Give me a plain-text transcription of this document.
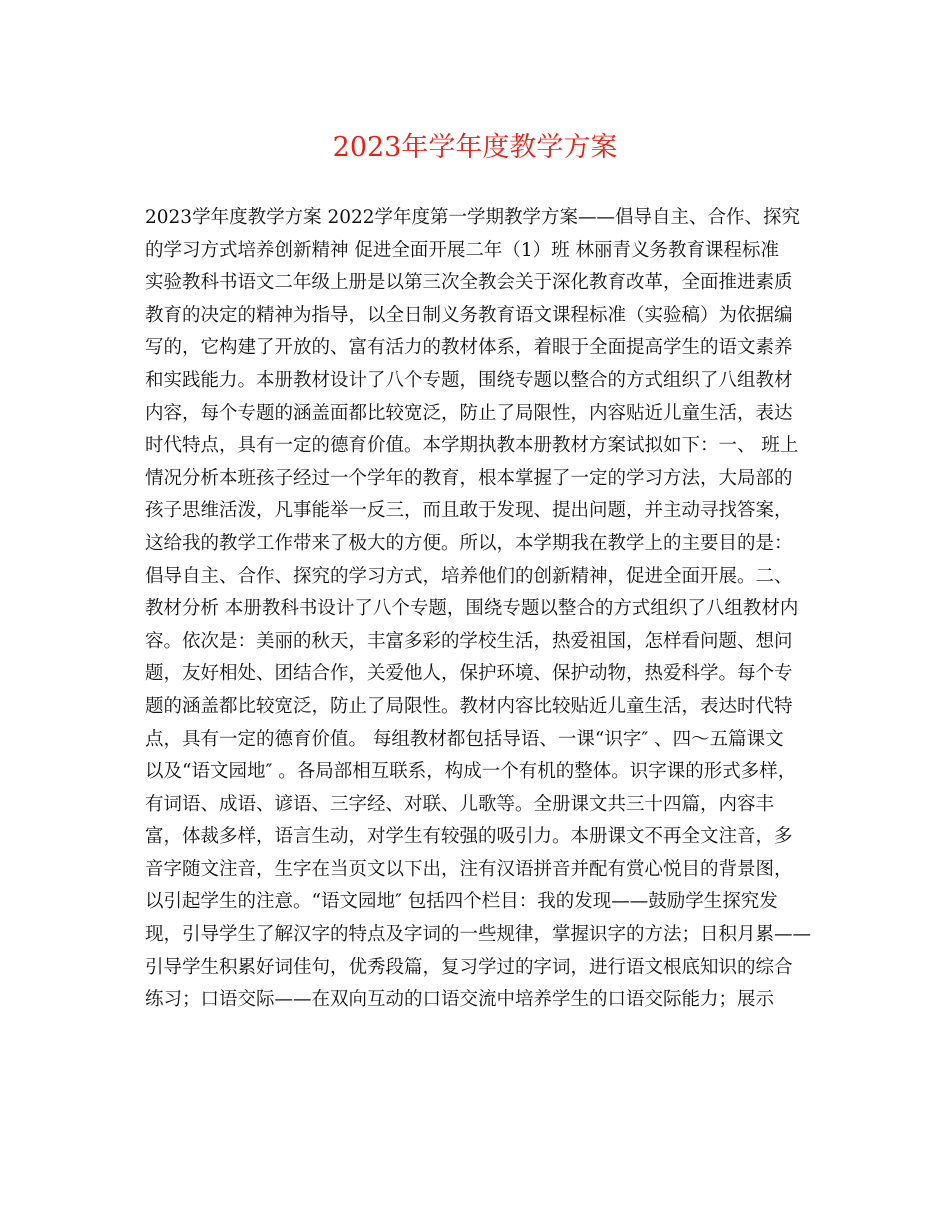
2023年学年度教学方案
2023学年度教学方案 2022学年度第一学期教学方案——倡导自主、合作、探究
的学习方式培养创新精神 促进全面开展二年（1）班 林丽青义务教育课程标准
实验教科书语文二年级上册是以第三次全教会关于深化教育改革，全面推进素质
教育的决定的精神为指导，以全日制义务教育语文课程标准（实验稿）为依据编
写的，它构建了开放的、富有活力的教材体系，着眼于全面提高学生的语文素养
和实践能力。本册教材设计了八个专题，围绕专题以整合的方式组织了八组教材
内容，每个专题的涵盖面都比较宽泛，防止了局限性，内容贴近儿童生活，表达
时代特点，具有一定的德育价值。本学期执教本册教材方案试拟如下：一、 班上
情况分析本班孩子经过一个学年的教育，根本掌握了一定的学习方法，大局部的
孩子思维活泼，凡事能举一反三，而且敢于发现、提出问题，并主动寻找答案，
这给我的教学工作带来了极大的方便。所以，本学期我在教学上的主要目的是：
倡导自主、合作、探究的学习方式，培养他们的创新精神，促进全面开展。二、
教材分析 本册教科书设计了八个专题，围绕专题以整合的方式组织了八组教材内
容。依次是：美丽的秋天，丰富多彩的学校生活，热爱祖国，怎样看问题、想问
题，友好相处、团结合作，关爱他人，保护环境、保护动物，热爱科学。每个专
题的涵盖都比较宽泛，防止了局限性。教材内容比较贴近儿童生活，表达时代特
点，具有一定的德育价值。 每组教材都包括导语、一课“识字″ 、四～五篇课文
以及“语文园地″ 。各局部相互联系，构成一个有机的整体。识字课的形式多样，
有词语、成语、谚语、三字经、对联、儿歌等。全册课文共三十四篇，内容丰
富，体裁多样，语言生动，对学生有较强的吸引力。本册课文不再全文注音，多
音字随文注音，生字在当页文以下出，注有汉语拼音并配有赏心悦目的背景图，
以引起学生的注意。“语文园地″ 包括四个栏目：我的发现——鼓励学生探究发
现，引导学生了解汉字的特点及字词的一些规律，掌握识字的方法；日积月累——
引导学生积累好词佳句，优秀段篇，复习学过的字词，进行语文根底知识的综合
练习；口语交际——在双向互动的口语交流中培养学生的口语交际能力；展示
